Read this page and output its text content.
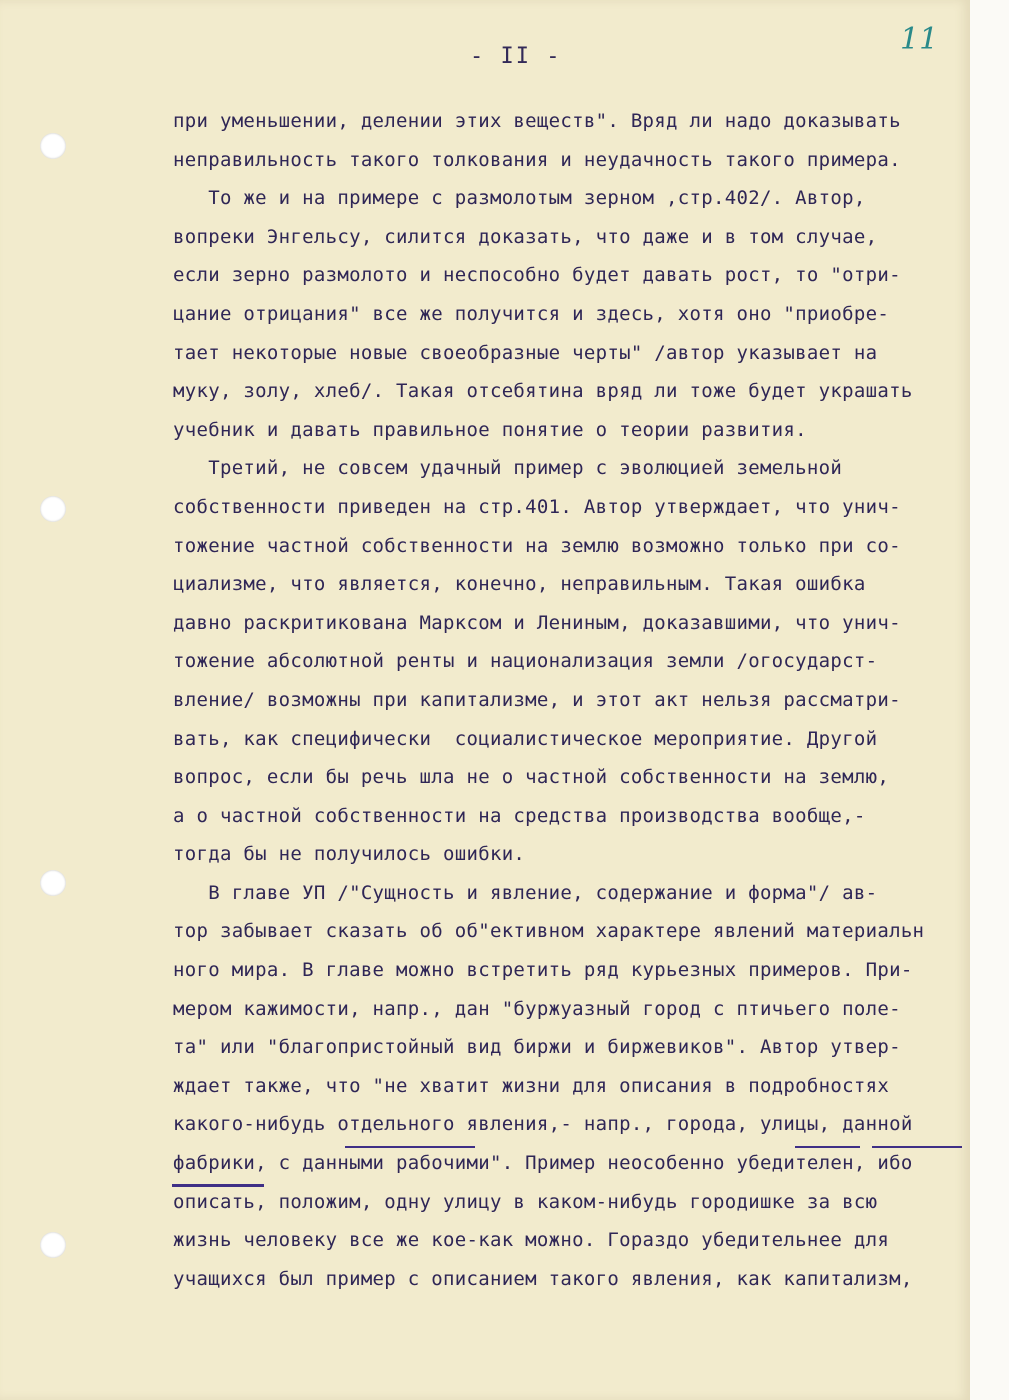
- II -	11
при уменьшении, делении этих веществ". Вряд ли надо доказывать
неправильность такого толкования и неудачность такого примера.
То же и на примере с размолотым зерном ,стр.402/. Автор,
вопреки Энгельсу, силится доказать, что даже и в том случае,
если зерно размолото и неспособно будет давать рост, то "отри-
цание отрицания" все же получится и здесь, хотя оно "приобре-
тает некоторые новые своеобразные черты" /автор указывает на
муку, золу, хлеб/. Такая отсебятина вряд ли тоже будет украшать
учебник и давать правильное понятие о теории развития.
Третий, не совсем удачный пример с эволюцией земельной
собственности приведен на стр.401. Автор утверждает, что унич-
тожение частной собственности на землю возможно только при со-
циализме, что является, конечно, неправильным. Такая ошибка
давно раскритикована Марксом и Лениным, доказавшими, что унич-
тожение абсолютной ренты и национализация земли /огосударст-
вление/ возможны при капитализме, и этот акт нельзя рассматри-
вать, как специфически  социалистическое мероприятие. Другой
вопрос, если бы речь шла не о частной собственности на землю,
а о частной собственности на средства производства вообще,-
тогда бы не получилось ошибки.
В главе УП /"Сущность и явление, содержание и форма"/ ав-
тор забывает сказать об об"ективном характере явлений материальн
ного мира. В главе можно встретить ряд курьезных примеров. При-
мером кажимости, напр., дан "буржуазный город с птичьего поле-
та" или "благопристойный вид биржи и биржевиков". Автор утвер-
ждает также, что "не хватит жизни для описания в подробностях
какого-нибудь отдельного явления,- напр., города, улицы, данной
фабрики, с данными рабочими". Пример неособенно убедителен, ибо
описать, положим, одну улицу в каком-нибудь городишке за всю
жизнь человеку все же кое-как можно. Гораздо убедительнее для
учащихся был пример с описанием такого явления, как капитализм,
